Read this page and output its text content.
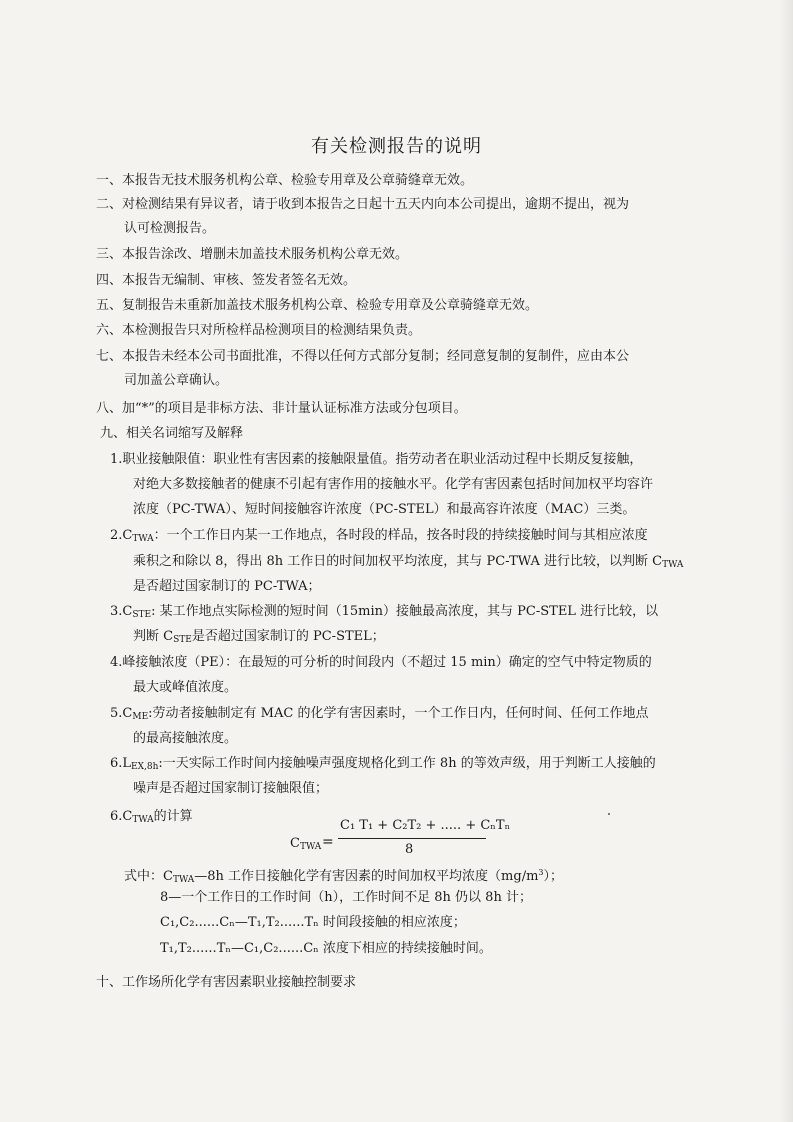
有关检测报告的说明
一、本报告无技术服务机构公章、检验专用章及公章骑缝章无效。
二、对检测结果有异议者，请于收到本报告之日起十五天内向本公司提出，逾期不提出，视为
认可检测报告。
三、本报告涂改、增删未加盖技术服务机构公章无效。
四、本报告无编制、审核、签发者签名无效。
五、复制报告未重新加盖技术服务机构公章、检验专用章及公章骑缝章无效。
六、本检测报告只对所检样品检测项目的检测结果负责。
七、本报告未经本公司书面批准，不得以任何方式部分复制；经同意复制的复制件，应由本公
司加盖公章确认。
八、加“*”的项目是非标方法、非计量认证标准方法或分包项目。
九、相关名词缩写及解释
1.职业接触限值：职业性有害因素的接触限量值。指劳动者在职业活动过程中长期反复接触，
对绝大多数接触者的健康不引起有害作用的接触水平。化学有害因素包括时间加权平均容许
浓度（PC-TWA）、短时间接触容许浓度（PC-STEL）和最高容许浓度（MAC）三类。
$2.C_{TWA}$：一个工作日内某一工作地点，各时段的样品，按各时段的持续接触时间与其相应浓度
乘积之和除以 8，得出 8h 工作日的时间加权平均浓度，其与 PC-TWA 进行比较，以判断 $C_{TWA}$
是否超过国家制订的 PC-TWA；
$3.C_{STE}$: 某工作地点实际检测的短时间（15min）接触最高浓度，其与 PC-STEL 进行比较，以
判断 $C_{STE}$是否超过国家制订的 PC-STEL；
4.峰接触浓度（PE）：在最短的可分析的时间段内（不超过 15 min）确定的空气中特定物质的
最大或峰值浓度。
$5.C_{ME}$:劳动者接触制定有 MAC 的化学有害因素时，一个工作日内，任何时间、任何工作地点
的最高接触浓度。
$6.L_{EX,8h}$:一天实际工作时间内接触噪声强度规格化到工作 8h 的等效声级，用于判断工人接触的
噪声是否超过国家制订接触限值；
$6.C_{TWA}$的计算
$C_{TWA}$ =
C₁ T₁ + C₂T₂ + ..... + CₙTₙ
8
式中：$C_{TWA}—8h$ 工作日接触化学有害因素的时间加权平均浓度$(mg/m^3)$；
8—一个工作日的工作时间（h），工作时间不足 8h 仍以 8h 计；
C₁,C₂......Cₙ—T₁,T₂......Tₙ 时间段接触的相应浓度；
T₁,T₂......Tₙ—C₁,C₂......Cₙ 浓度下相应的持续接触时间。
十、工作场所化学有害因素职业接触控制要求
